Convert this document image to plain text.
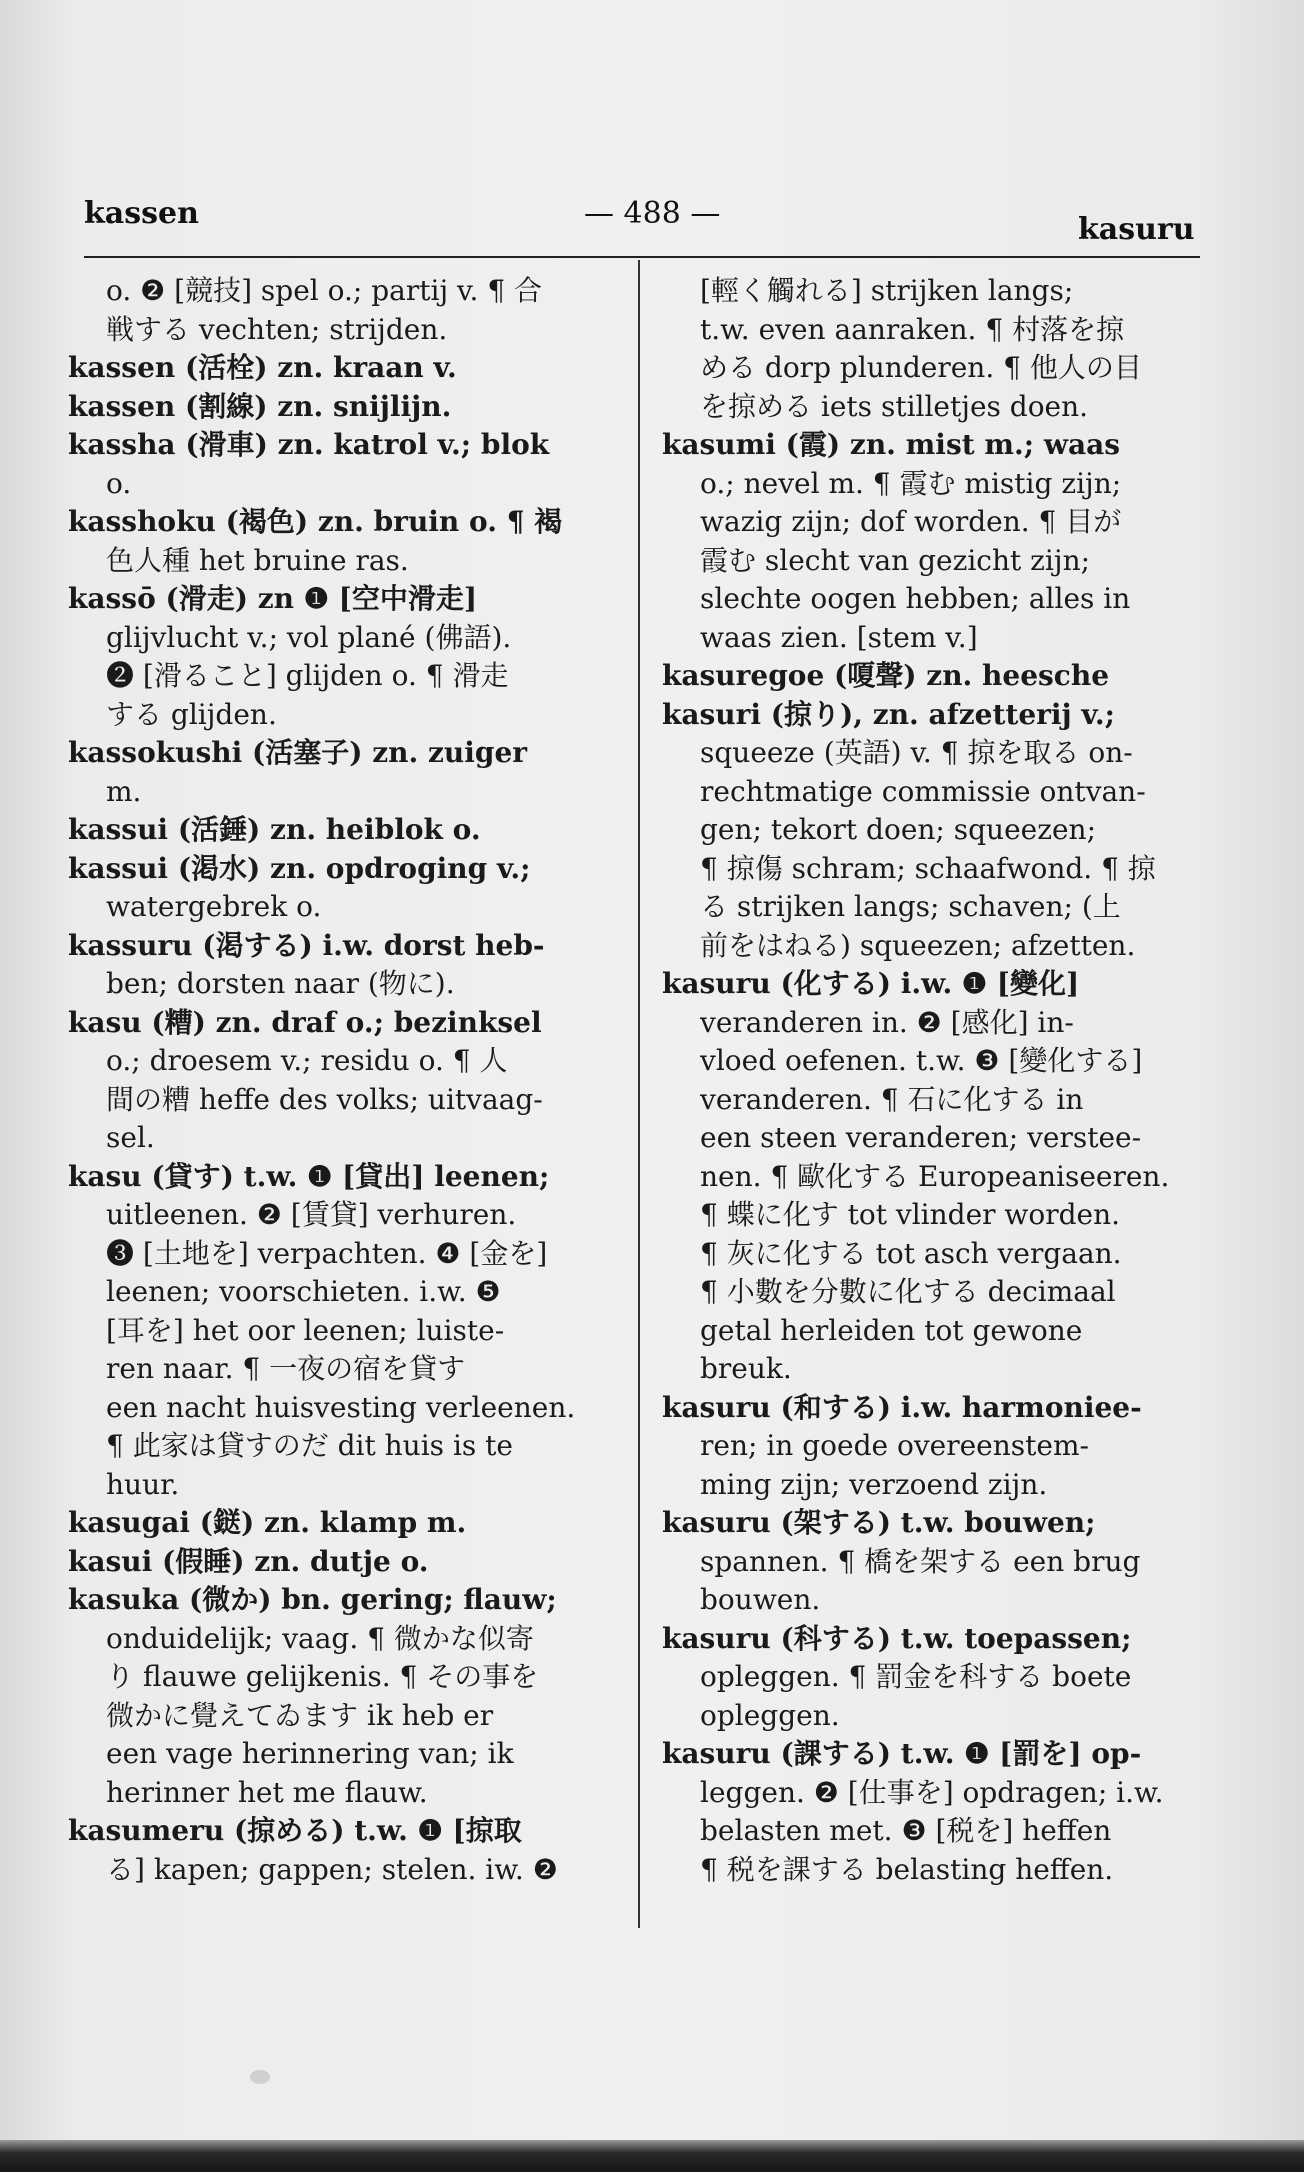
kassen	— 488 —	kasuru
o. ❷ [競技] spel o.; partij v. ¶ 合
戦する vechten; strijden.
kassen (活栓) zn. kraan v.
kassen (割線) zn. snijlijn.
kassha (滑車) zn. katrol v.; blok
o.
kasshoku (褐色) zn. bruin o. ¶ 褐
色人種 het bruine ras.
kassō (滑走) zn ❶ [空中滑走]
glijvlucht v.; vol plané (佛語).
❷ [滑ること] glijden o. ¶ 滑走
する glijden.
kassokushi (活塞子) zn. zuiger
m.
kassui (活錘) zn. heiblok o.
kassui (渇水) zn. opdroging v.;
watergebrek o.
kassuru (渇する) i.w. dorst heb-
ben; dorsten naar (物に).
kasu (糟) zn. draf o.; bezinksel
o.; droesem v.; residu o. ¶ 人
間の糟 heffe des volks; uitvaag-
sel.
kasu (貸す) t.w. ❶ [貸出] leenen;
uitleenen. ❷ [賃貸] verhuren.
❸ [土地を] verpachten. ❹ [金を]
leenen; voorschieten. i.w. ❺
[耳を] het oor leenen; luiste-
ren naar. ¶ 一夜の宿を貸す
een nacht huisvesting verleenen.
¶ 此家は貸すのだ dit huis is te
huur.
kasugai (鎹) zn. klamp m.
kasui (假睡) zn. dutje o.
kasuka (微か) bn. gering; flauw;
onduidelijk; vaag. ¶ 微かな似寄
り flauwe gelijkenis. ¶ その事を
微かに覺えてゐます ik heb er
een vage herinnering van; ik
herinner het me flauw.
kasumeru (掠める) t.w. ❶ [掠取
る] kapen; gappen; stelen. iw. ❷
[輕く觸れる] strijken langs;
t.w. even aanraken. ¶ 村落を掠
める dorp plunderen. ¶ 他人の目
を掠める iets stilletjes doen.
kasumi (霞) zn. mist m.; waas
o.; nevel m. ¶ 霞む mistig zijn;
wazig zijn; dof worden. ¶ 目が
霞む slecht van gezicht zijn;
slechte oogen hebben; alles in
waas zien. [stem v.]
kasuregoe (嗄聲) zn. heesche
kasuri (掠り), zn. afzetterij v.;
squeeze (英語) v. ¶ 掠を取る on-
rechtmatige commissie ontvan-
gen; tekort doen; squeezen;
¶ 掠傷 schram; schaafwond. ¶ 掠
る strijken langs; schaven; (上
前をはねる) squeezen; afzetten.
kasuru (化する) i.w. ❶ [變化]
veranderen in. ❷ [感化] in-
vloed oefenen. t.w. ❸ [變化する]
veranderen. ¶ 石に化する in
een steen veranderen; verstee-
nen. ¶ 歐化する Europeaniseeren.
¶ 蝶に化す tot vlinder worden.
¶ 灰に化する tot asch vergaan.
¶ 小數を分數に化する decimaal
getal herleiden tot gewone
breuk.
kasuru (和する) i.w. harmoniee-
ren; in goede overeenstem-
ming zijn; verzoend zijn.
kasuru (架する) t.w. bouwen;
spannen. ¶ 橋を架する een brug
bouwen.
kasuru (科する) t.w. toepassen;
opleggen. ¶ 罰金を科する boete
opleggen.
kasuru (課する) t.w. ❶ [罰を] op-
leggen. ❷ [仕事を] opdragen; i.w.
belasten met. ❸ [税を] heffen
¶ 税を課する belasting heffen.
